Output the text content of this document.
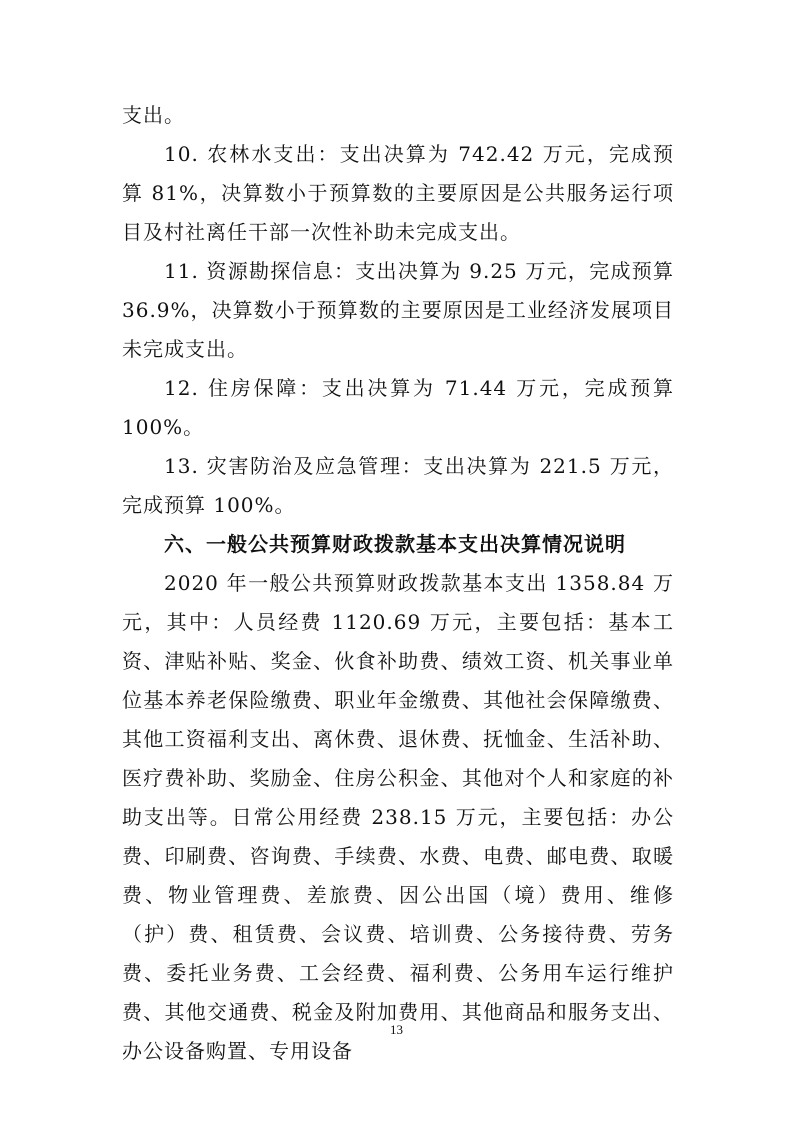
支出。

10. 农林水支出：支出决算为 742.42 万元，完成预算 81%，决算数小于预算数的主要原因是公共服务运行项目及村社离任干部一次性补助未完成支出。

11. 资源勘探信息：支出决算为 9.25 万元，完成预算 36.9%，决算数小于预算数的主要原因是工业经济发展项目未完成支出。

12. 住房保障：支出决算为 71.44 万元，完成预算 100%。

13. 灾害防治及应急管理：支出决算为 221.5 万元，完成预算 100%。

六、一般公共预算财政拨款基本支出决算情况说明

2020 年一般公共预算财政拨款基本支出 1358.84 万元，其中：人员经费 1120.69 万元，主要包括：基本工资、津贴补贴、奖金、伙食补助费、绩效工资、机关事业单位基本养老保险缴费、职业年金缴费、其他社会保障缴费、其他工资福利支出、离休费、退休费、抚恤金、生活补助、医疗费补助、奖励金、住房公积金、其他对个人和家庭的补助支出等。日常公用经费 238.15 万元，主要包括：办公费、印刷费、咨询费、手续费、水费、电费、邮电费、取暖费、物业管理费、差旅费、因公出国（境）费用、维修（护）费、租赁费、会议费、培训费、公务接待费、劳务费、委托业务费、工会经费、福利费、公务用车运行维护费、其他交通费、税金及附加费用、其他商品和服务支出、办公设备购置、专用设备

13
